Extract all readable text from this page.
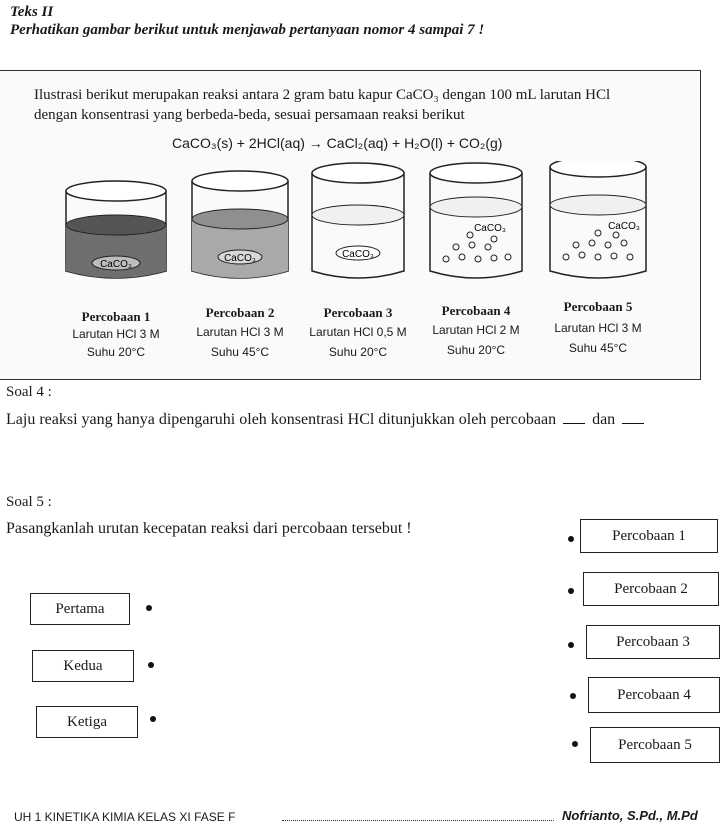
Teks II
Perhatikan gambar berikut untuk menjawab pertanyaan nomor 4 sampai 7 !
Ilustrasi berikut merupakan reaksi antara 2 gram batu kapur CaCO₃ dengan 100 mL larutan HCl
dengan konsentrasi yang berbeda-beda, sesuai persamaan reaksi berikut
CaCO₃(s) + 2HCl(aq) → CaCl₂(aq) + H₂O(l) + CO₂(g)
CaCO₃
CaCO₃	CaCO₃
CaCO₃	CaCO₃
Percobaan 1
Larutan HCl 3 M
Suhu 20°C
Percobaan 2
Larutan HCl 3 M
Suhu 45°C
Percobaan 3
Larutan HCl 0,5 M
Suhu 20°C
Percobaan 4
Larutan HCl 2 M
Suhu 20°C
Percobaan 5
Larutan HCl 3 M
Suhu 45°C
Soal 4 :
Laju reaksi yang hanya dipengaruhi oleh konsentrasi HCl ditunjukkan oleh percobaan dan
Soal 5 :
Pasangkanlah urutan kecepatan reaksi dari percobaan tersebut !
Pertama
Kedua
Ketiga
Percobaan 1
Percobaan 2
Percobaan 3
Percobaan 4
Percobaan 5
UH 1 KINETIKA KIMIA KELAS XI FASE F	Nofrianto, S.Pd., M.Pd
